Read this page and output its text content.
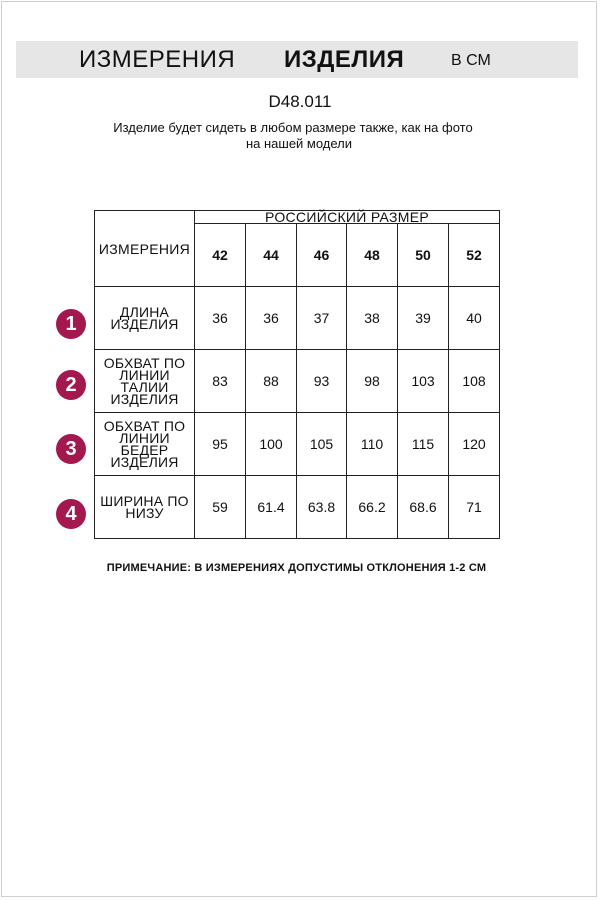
ИЗМЕРЕНИЯ ИЗДЕЛИЯ	В СМ
D48.011
Изделие будет сидеть в любом размере также, как на фото
на нашей модели
ИЗМЕРЕНИЯ	РОССИЙСКИЙ РАЗМЕР					
	42	44	46	48	50	52

ДЛИНА ИЗДЕЛИЯ	36	36	37	38	39	40

ОБХВАТ ПО
ЛИНИИ ТАЛИИ
ИЗДЕЛИЯ	83	88	93	98	103	108

ОБХВАТ ПО
ЛИНИИ БЕДЕР
ИЗДЕЛИЯ	95	100	105	110	115	120

ШИРИНА ПО
НИЗУ	59	61.4	63.8	66.2	68.6	71
1
2
3
4
ПРИМЕЧАНИЕ: В ИЗМЕРЕНИЯХ ДОПУСТИМЫ ОТКЛОНЕНИЯ 1-2 СМ
